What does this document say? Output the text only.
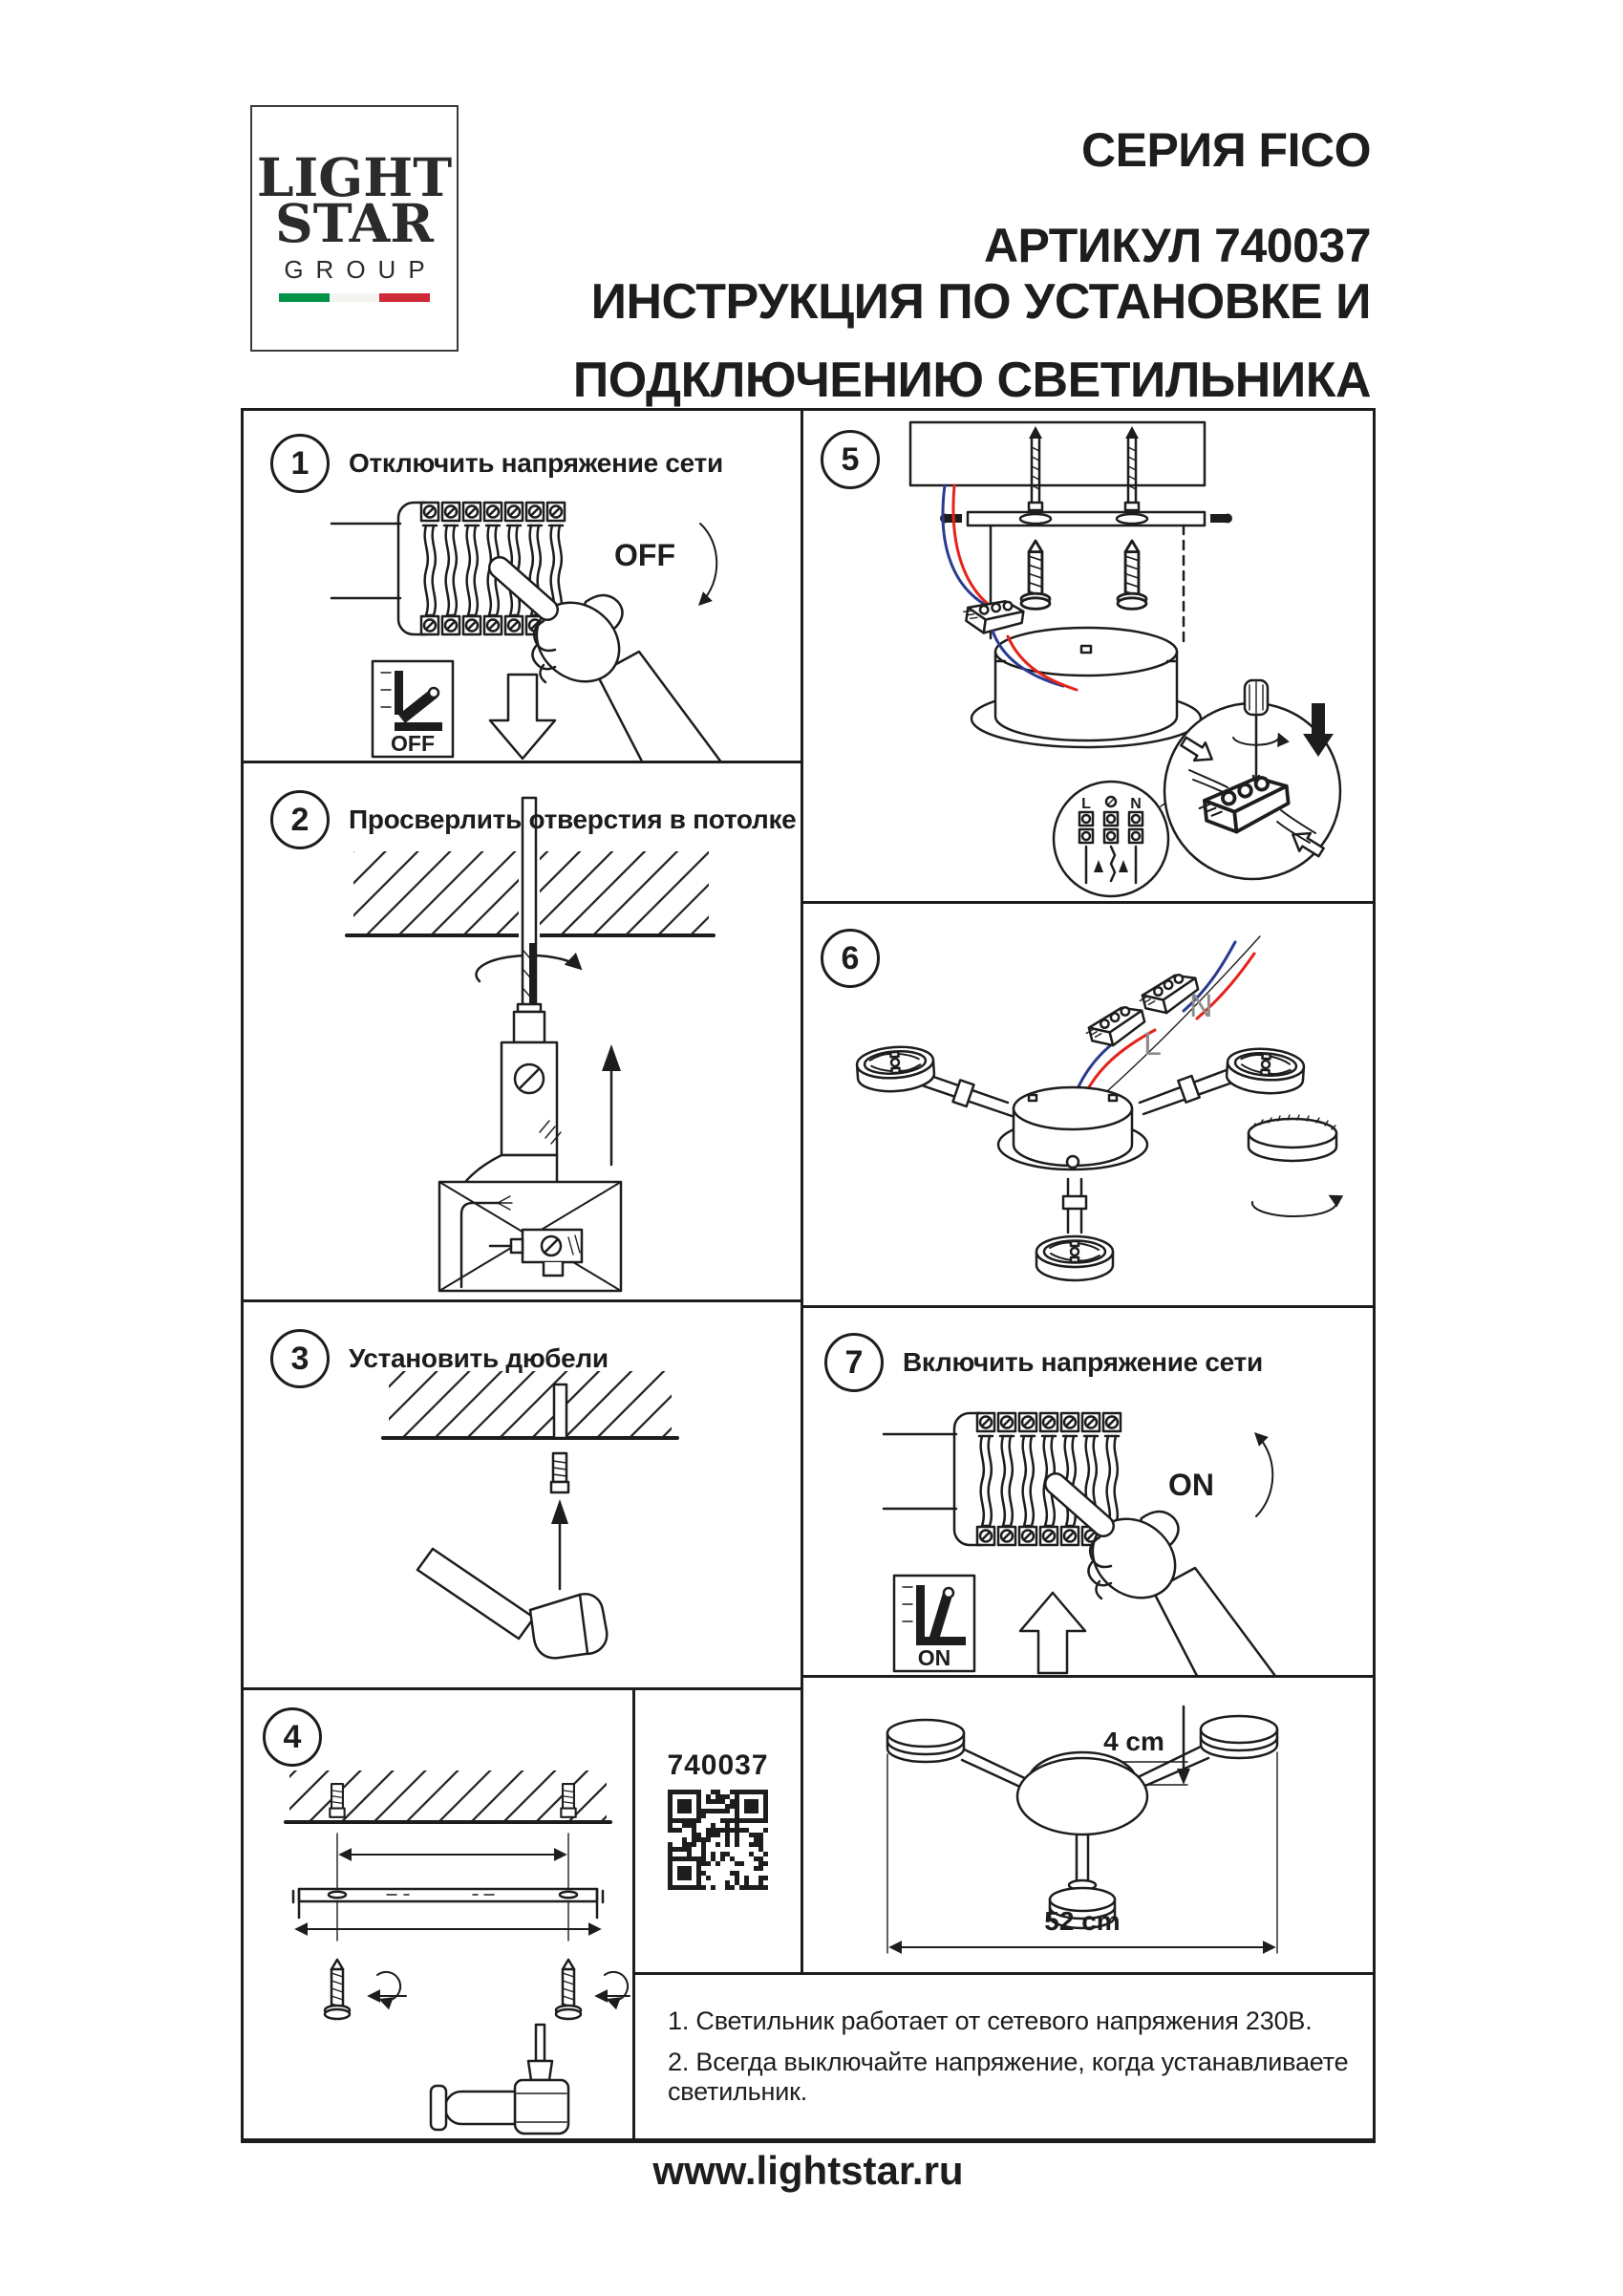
LIGHT
STAR
GROUP
СЕРИЯ FICO
АРТИКУЛ 740037
ИНСТРУКЦИЯ ПО УСТАНОВКЕ И
ПОДКЛЮЧЕНИЮ СВЕТИЛЬНИКА
1	Отключить напряжение сети
OFF
OFF
2	Просверлить отверстия в потолке
3	Установить дюбели
4
740037
5
L	N
6
L
N
7	Включить напряжение сети
ON
ON
4 cm
52 cm
1. Светильник работает от сетевого напряжения 230В.
2. Всегда выключайте напряжение, когда устанавливаете светильник.
www.lightstar.ru
